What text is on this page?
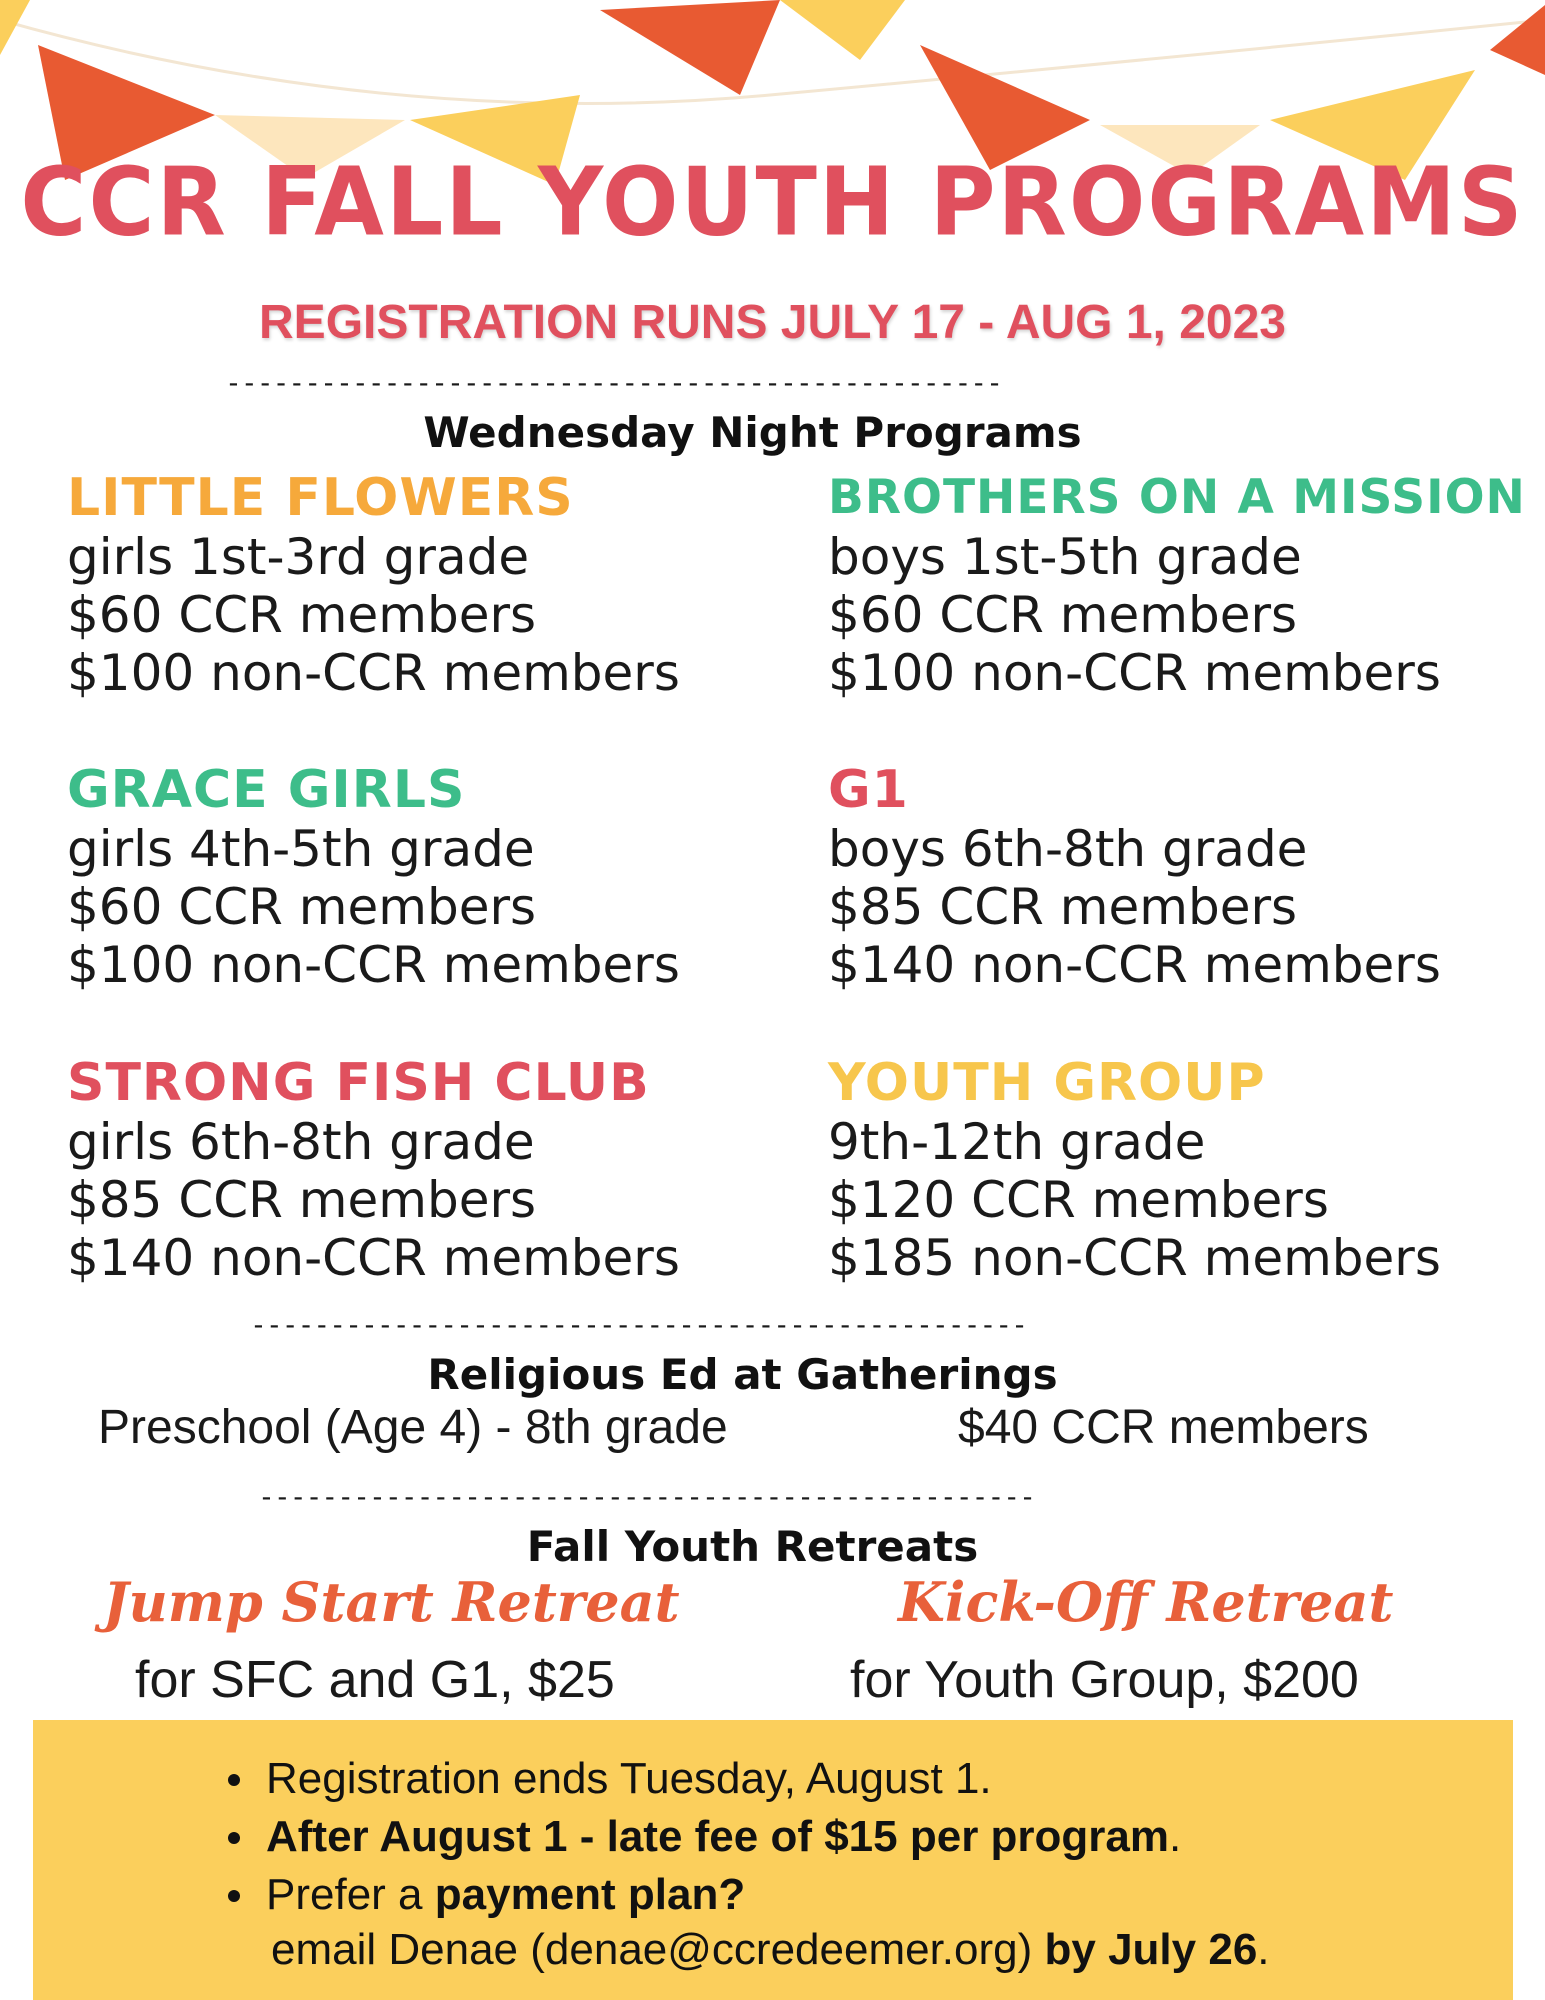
CCR FALL YOUTH PROGRAMS
REGISTRATION RUNS JULY 17 - AUG 1, 2023
-------------------------------------------------
Wednesday Night Programs
LITTLE FLOWERS
girls 1st-3rd grade
$60 CCR members
$100 non-CCR members
BROTHERS ON A MISSION
boys 1st-5th grade
$60 CCR members
$100 non-CCR members
GRACE GIRLS
girls 4th-5th grade
$60 CCR members
$100 non-CCR members
G1
boys 6th-8th grade
$85 CCR members
$140 non-CCR members
STRONG FISH CLUB
girls 6th-8th grade
$85 CCR members
$140 non-CCR members
YOUTH GROUP
9th-12th grade
$120 CCR members
$185 non-CCR members
-------------------------------------------------
Religious Ed at Gatherings
Preschool (Age 4) - 8th grade	$40 CCR members
-------------------------------------------------
Fall Youth Retreats
Jump Start Retreat	Kick-Off Retreat
for SFC and G1, $25	for Youth Group, $200
Registration ends Tuesday, August 1.
After August 1 - late fee of $15 per program.
Prefer a payment plan?
email Denae (denae@ccredeemer.org) by July 26.
